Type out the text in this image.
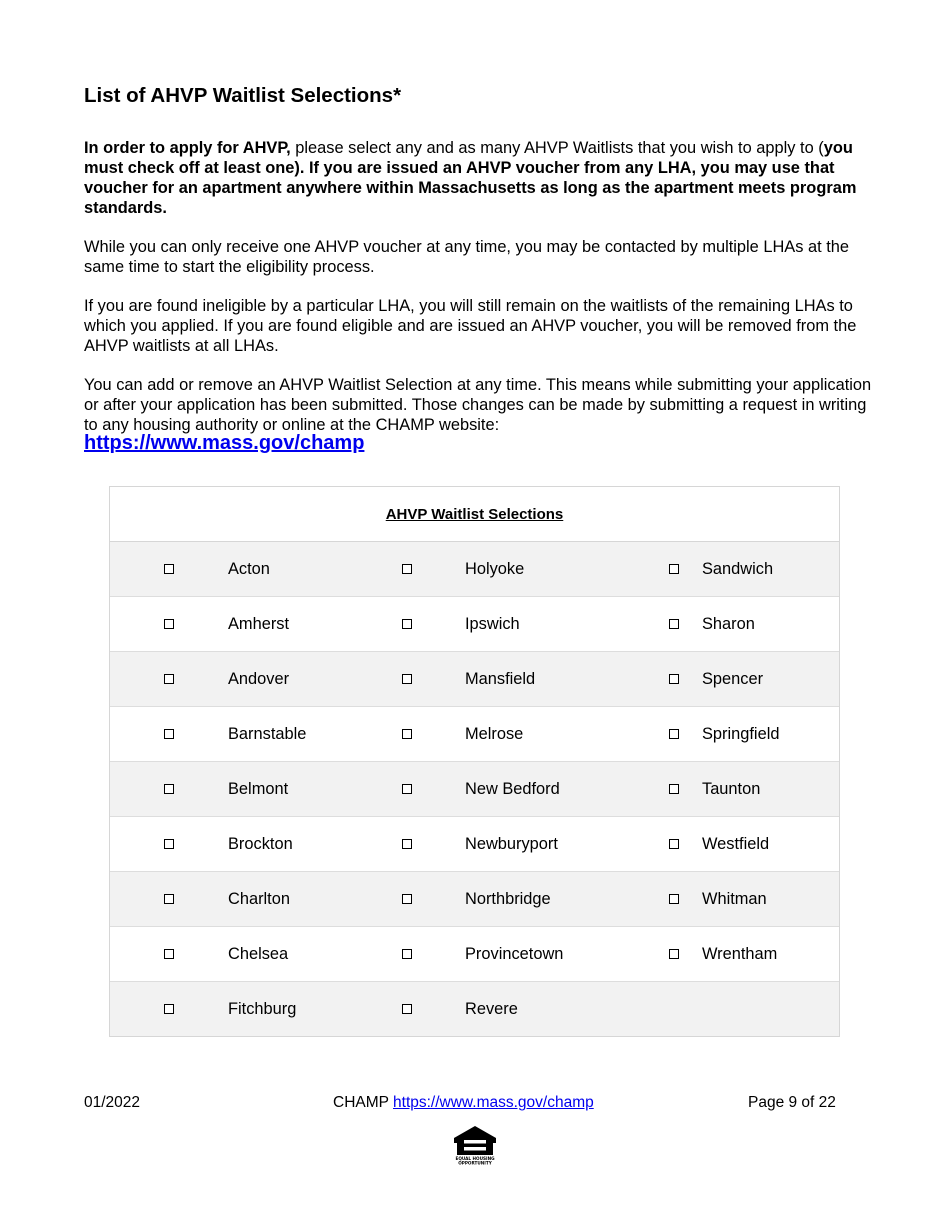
List of AHVP Waitlist Selections*

In order to apply for AHVP, please select any and as many AHVP Waitlists that you wish to apply to (you must check off at least one). If you are issued an AHVP voucher from any LHA, you may use that voucher for an apartment anywhere within Massachusetts as long as the apartment meets program standards.

While you can only receive one AHVP voucher at any time, you may be contacted by multiple LHAs at the same time to start the eligibility process.

If you are found ineligible by a particular LHA, you will still remain on the waitlists of the remaining LHAs to which you applied. If you are found eligible and are issued an AHVP voucher, you will be removed from the AHVP waitlists at all LHAs.

You can add or remove an AHVP Waitlist Selection at any time. This means while submitting your application or after your application has been submitted. Those changes can be made by submitting a request in writing to any housing authority or online at the CHAMP website:

https://www.mass.gov/champ
AHVP Waitlist Selections
Acton	Holyoke	Sandwich
Amherst	Ipswich	Sharon
Andover	Mansfield	Spencer
Barnstable	Melrose	Springfield
Belmont	New Bedford	Taunton
Brockton	Newburyport	Westfield
Charlton	Northbridge	Whitman
Chelsea	Provincetown	Wrentham
Fitchburg	Revere
01/2022	CHAMP https://www.mass.gov/champ	Page 9 of 22
EQUAL HOUSING
OPPORTUNITY
